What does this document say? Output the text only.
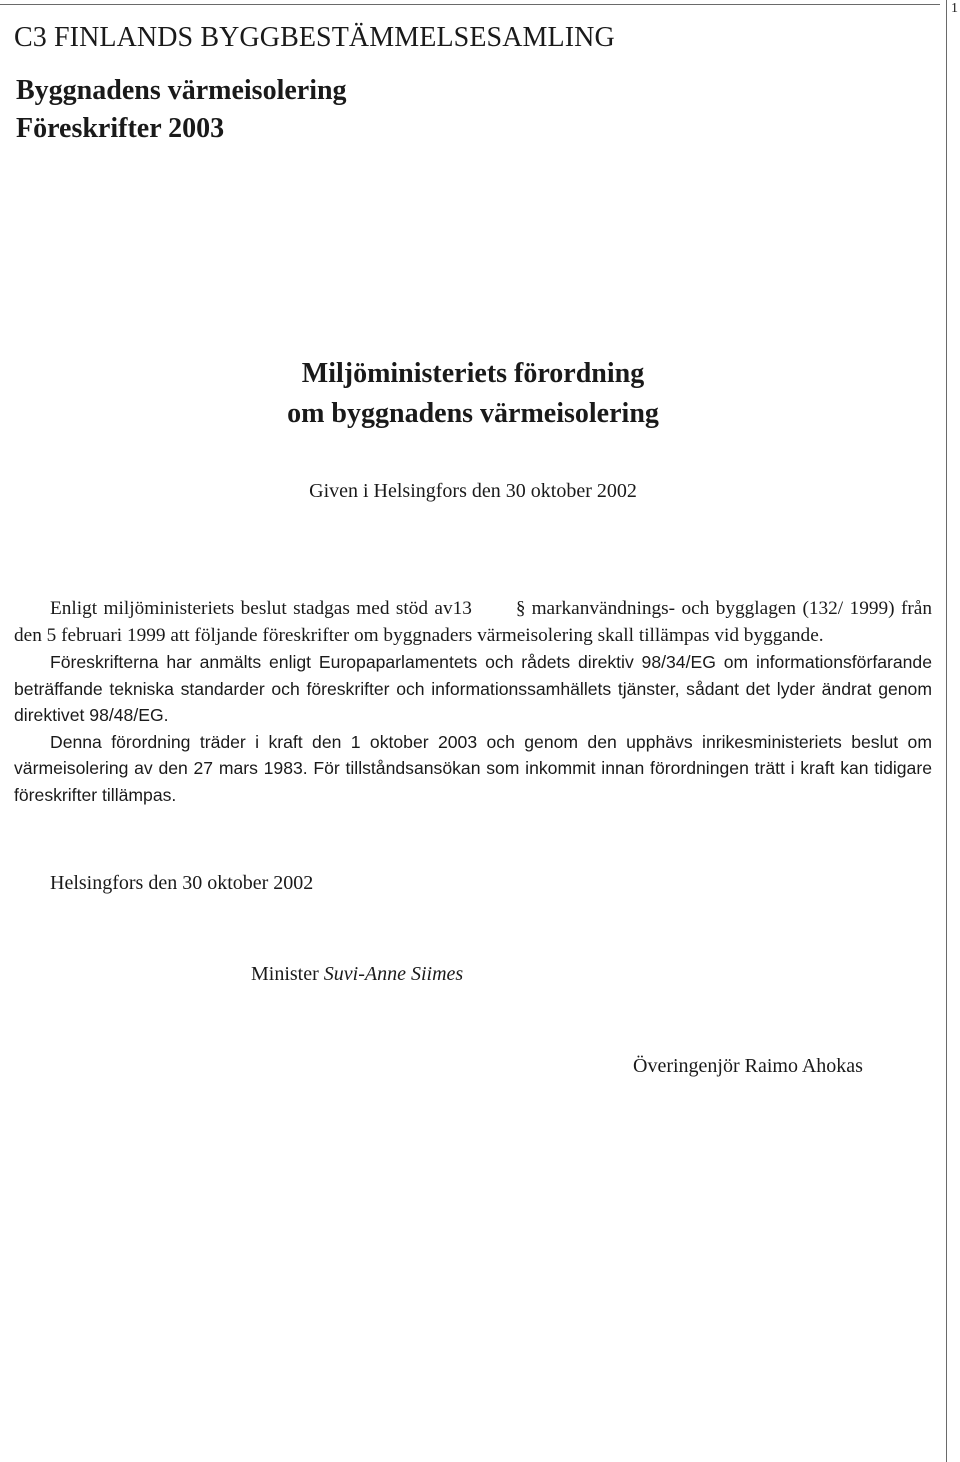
1
C3 FINLANDS BYGGBESTÄMMELSESAMLING
Byggnadens värmeisolering
Föreskrifter 2003
Miljöministeriets förordning
om byggnadens värmeisolering
Given i Helsingfors den 30 oktober 2002

Enligt miljöministeriets beslut stadgas med stöd av13 § markanvändnings- och bygglagen (132/ 1999) från den 5 februari 1999 att följande föreskrifter om byggnaders värmeisolering skall tillämpas vid byggande.

Föreskrifterna har anmälts enligt Europaparlamentets och rådets direktiv 98/34/EG om informationsförfarande beträffande tekniska standarder och föreskrifter och informationssamhällets tjänster, sådant det lyder ändrat genom direktivet 98/48/EG.

Denna förordning träder i kraft den 1 oktober 2003 och genom den upphävs inrikesministeriets beslut om värmeisolering av den 27 mars 1983. För tillståndsansökan som inkommit innan förordningen trätt i kraft kan tidigare föreskrifter tillämpas.

Helsingfors den 30 oktober 2002
Minister Suvi-Anne Siimes
Överingenjör Raimo Ahokas
